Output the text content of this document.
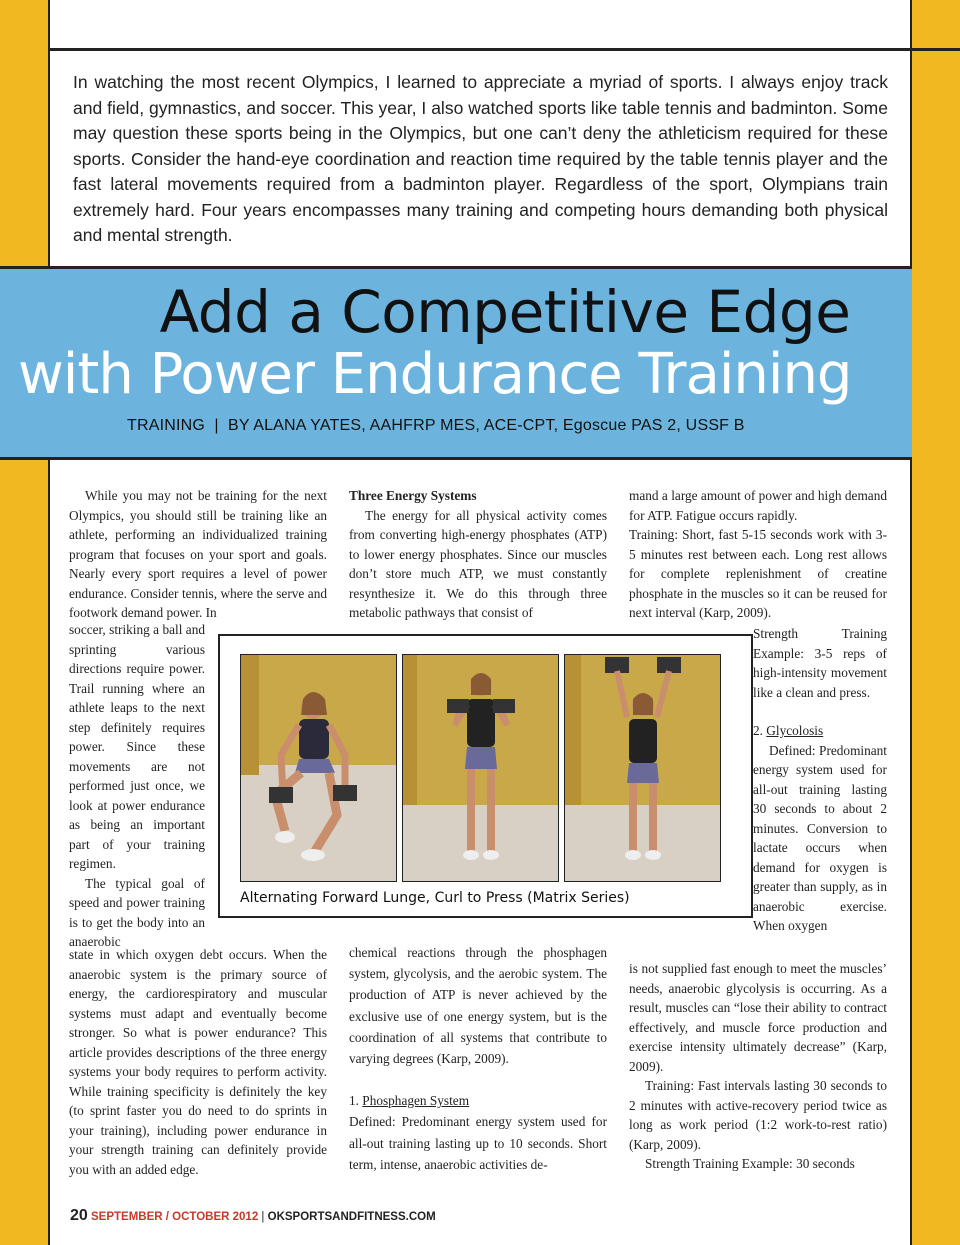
In watching the most recent Olympics, I learned to appreciate a myriad of sports. I always enjoy track and field, gymnastics, and soccer. This year, I also watched sports like table tennis and badminton. Some may question these sports being in the Olympics, but one can’t deny the athleticism required for these sports. Consider the hand-eye coordination and reaction time required by the table tennis player and the fast lateral movements required from a badminton player. Regardless of the sport, Olympians train extremely hard. Four years encompasses many training and competing hours demanding both physical and mental strength.
Add a Competitive Edge
with Power Endurance Training
TRAINING  |  BY ALANA YATES, AAHFRP MES, ACE-CPT, Egoscue PAS 2, USSF B

While you may not be training for the next Olympics, you should still be training like an athlete, performing an individualized training program that focuses on your sport and goals. Nearly every sport requires a level of power endurance. Consider tennis, where the serve and footwork demand power. In

soccer, striking a ball and sprinting various directions require power. Trail running where an athlete leaps to the next step definitely requires power. Since these movements are not performed just once, we look at power endurance as being an important part of your training regimen.

The typical goal of speed and power training is to get the body into an anaerobic

state in which oxygen debt occurs. When the anaerobic system is the primary source of energy, the cardiorespiratory and muscular systems must adapt and eventually become stronger. So what is power endurance? This article provides descriptions of the three energy systems your body requires to perform activity. While training specificity is definitely the key (to sprint faster you do need to do sprints in your training), including power endurance in your strength training can definitely provide you with an added edge.

Three Energy Systems

The energy for all physical activity comes from converting high-energy phosphates (ATP) to lower energy phosphates. Since our muscles don’t store much ATP, we must constantly resynthesize it. We do this through three metabolic pathways that consist of

chemical reactions through the phosphagen system, glycolysis, and the aerobic system. The production of ATP is never achieved by the exclusive use of one energy system, but is the coordination of all systems that contribute to varying degrees (Karp, 2009).

1. Phosphagen System

Defined: Predominant energy system used for all-out training lasting up to 10 seconds. Short term, intense, anaerobic activities de-

mand a large amount of power and high demand for ATP. Fatigue occurs rapidly.

Training: Short, fast 5-15 seconds work with 3-5 minutes rest between each. Long rest allows for complete replenishment of creatine phosphate in the muscles so it can be reused for next interval (Karp, 2009).

Strength Training Example: 3-5 reps of high-intensity movement like a clean and press.

2. Glycolosis

Defined: Predominant energy system used for all-out training lasting 30 seconds to about 2 minutes. Conversion to lactate occurs when demand for oxygen is greater than supply, as in anaerobic exercise. When oxygen

is not supplied fast enough to meet the muscles’ needs, anaerobic glycolysis is occurring. As a result, muscles can “lose their ability to contract effectively, and muscle force production and exercise intensity ultimately decrease” (Karp, 2009).

Training: Fast intervals lasting 30 seconds to 2 minutes with active-recovery period twice as long as work period (1:2 work-to-rest ratio) (Karp, 2009).

Strength Training Example: 30 seconds

Alternating Forward Lunge, Curl to Press (Matrix Series)
20 SEPTEMBER / OCTOBER 2012 | OKSPORTSANDFITNESS.COM
